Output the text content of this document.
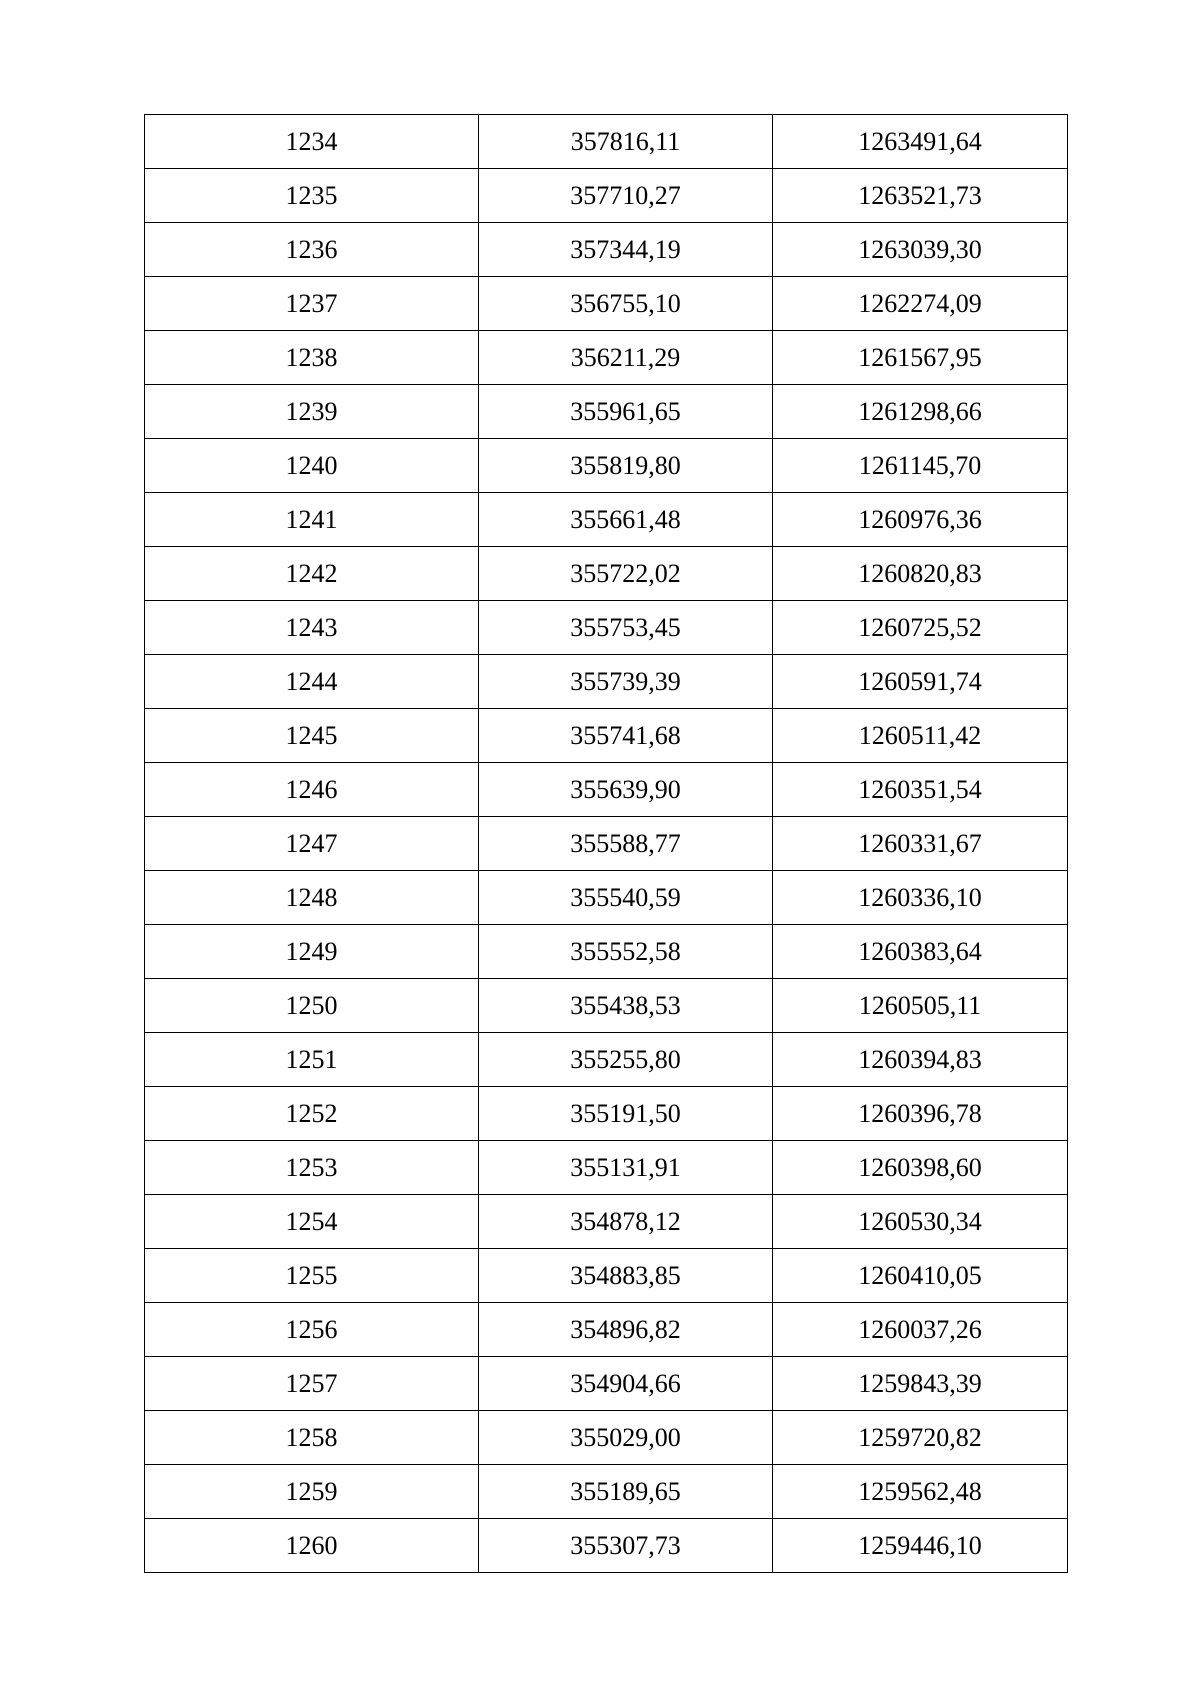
1234	357816,11	1263491,64
1235	357710,27	1263521,73
1236	357344,19	1263039,30
1237	356755,10	1262274,09
1238	356211,29	1261567,95
1239	355961,65	1261298,66
1240	355819,80	1261145,70
1241	355661,48	1260976,36
1242	355722,02	1260820,83
1243	355753,45	1260725,52
1244	355739,39	1260591,74
1245	355741,68	1260511,42
1246	355639,90	1260351,54
1247	355588,77	1260331,67
1248	355540,59	1260336,10
1249	355552,58	1260383,64
1250	355438,53	1260505,11
1251	355255,80	1260394,83
1252	355191,50	1260396,78
1253	355131,91	1260398,60
1254	354878,12	1260530,34
1255	354883,85	1260410,05
1256	354896,82	1260037,26
1257	354904,66	1259843,39
1258	355029,00	1259720,82
1259	355189,65	1259562,48
1260	355307,73	1259446,10
